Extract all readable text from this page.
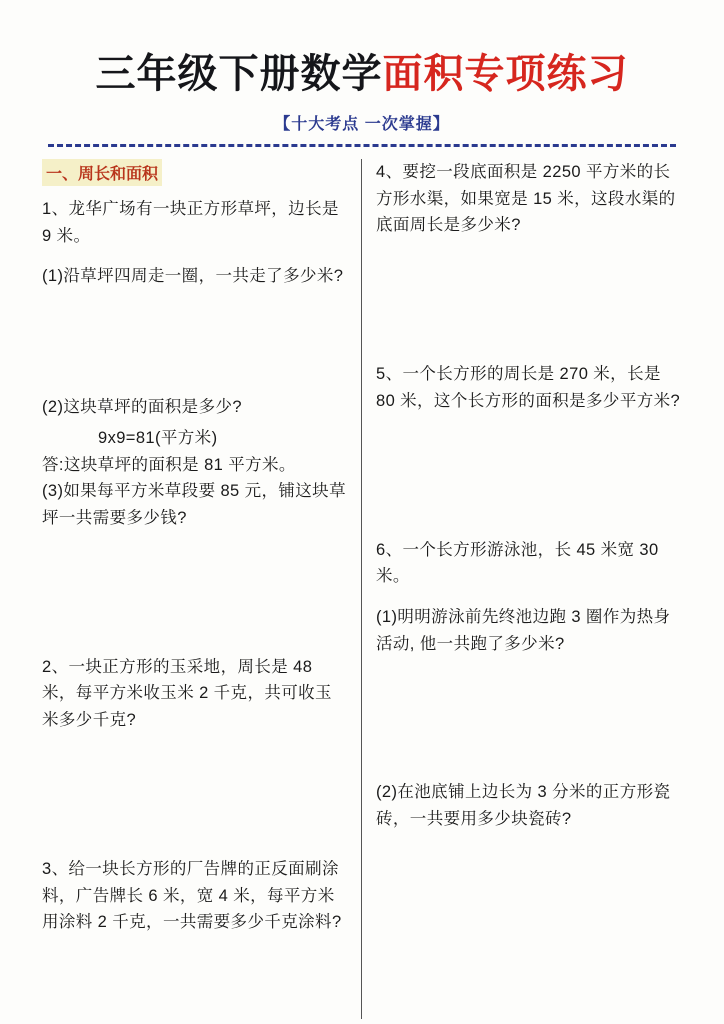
三年级下册数学面积专项练习
【十大考点 一次掌握】
一、周长和面积
1、龙华广场有一块正方形草坪，边长是 9 米。
(1)沿草坪四周走一圈，一共走了多少米?
(2)这块草坪的面积是多少?
9x9=81(平方米)
答:这块草坪的面积是 81 平方米。
(3)如果每平方米草段要 85 元，铺这块草坪一共需要多少钱?
2、一块正方形的玉采地，周长是 48 米，每平方米收玉米 2 千克，共可收玉米多少千克?
3、给一块长方形的厂告牌的正反面刷涂料，广告牌长 6 米，宽 4 米，每平方米用涂料 2 千克，一共需要多少千克涂料?
4、要挖一段底面积是 2250 平方米的长方形水渠，如果宽是 15 米，这段水渠的底面周长是多少米?
5、一个长方形的周长是 270 米，长是 80 米，这个长方形的面积是多少平方米?
6、一个长方形游泳池，长 45 米宽 30 米。
(1)明明游泳前先终池边跑 3 圈作为热身活动, 他一共跑了多少米?
(2)在池底铺上边长为 3 分米的正方形瓷砖，一共要用多少块瓷砖?
